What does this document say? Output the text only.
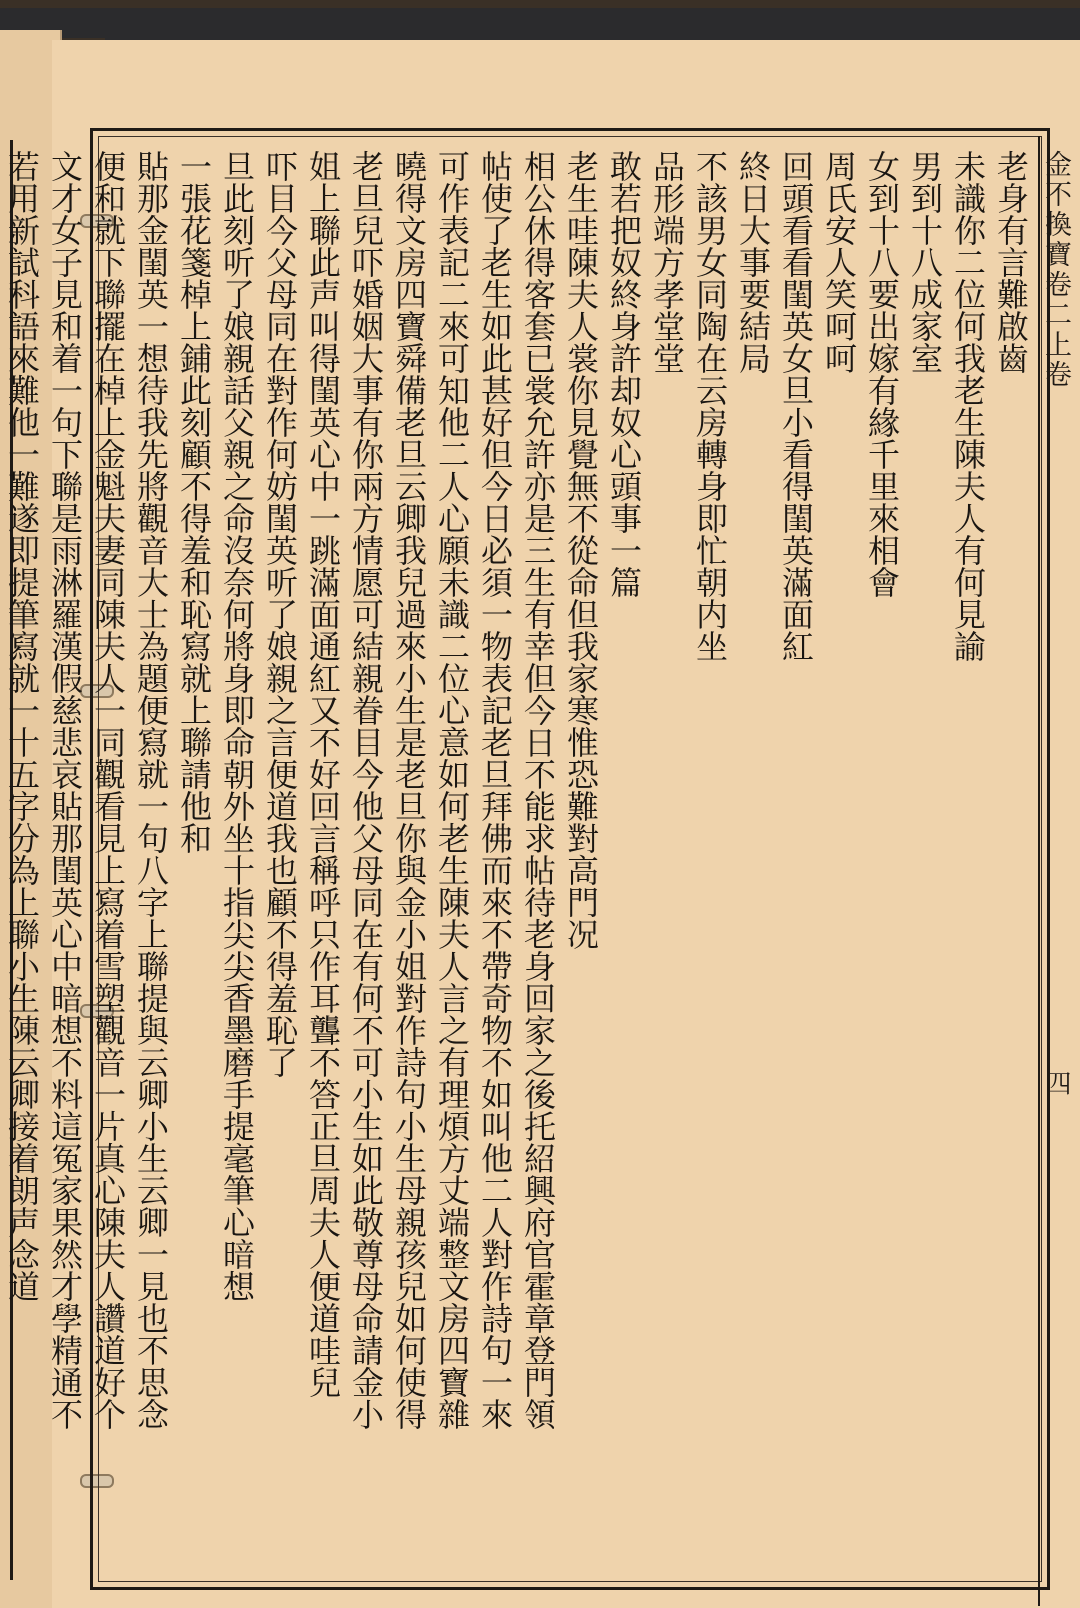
金不換寶卷二上卷
四

老身有言難啟齒

未識你二位何我老生陳夫人有何見諭

男到十八成家室

女到十八要出嫁有緣千里來相會

周氏安人笑呵呵

回頭看看閨英女旦小看得閨英滿面紅

終日大事要結局

不該男女同陶在云房轉身即忙朝内坐

品形端方孝堂堂

敢若把奴終身許却奴心頭事一篇

老生哇陳夫人裳你見覺無不從命但我家寒惟恐難對高門况

相公休得客套已裳允許亦是三生有幸但今日不能求帖待老身回家之後托紹興府官霍章登門領

帖使了老生如此甚好但今日必須一物表記老旦拜佛而來不帶奇物不如叫他二人對作詩句一來

可作表記二來可知他二人心願未識二位心意如何老生陳夫人言之有理煩方丈端整文房四寶雜

曉得文房四寶舜備老旦云卿我兒過來小生是老旦你與金小姐對作詩句小生母親孩兒如何使得

老旦兒吓婚姻大事有你兩方情愿可結親眷目今他父母同在有何不可小生如此敬尊母命請金小

姐上聯此声叫得閨英心中一跳滿面通紅又不好回言稱呼只作耳聾不答正旦周夫人便道哇兒

吓目今父母同在對作何妨閨英听了娘親之言便道我也顧不得羞恥了

旦此刻听了娘親話父親之命沒奈何將身即命朝外坐十指尖尖香墨磨手提毫筆心暗想

一張花箋棹上鋪此刻顧不得羞和恥寫就上聯請他和

貼那金閨英一想待我先將觀音大士為題便寫就一句八字上聯提與云卿小生云卿一見也不思念

便和就下聯擺在棹上金魁夫妻同陳夫人一同觀看見上寫着雪塑觀音一片真心陳夫人讚道好个

文才女子見和着一句下聯是雨淋羅漢假慈悲哀貼那閨英心中暗想不料這冤家果然才學精通不

若用新試科語來難他一難遂即提筆寫就一十五字分為上聯小生陳云卿接着朗声念道
